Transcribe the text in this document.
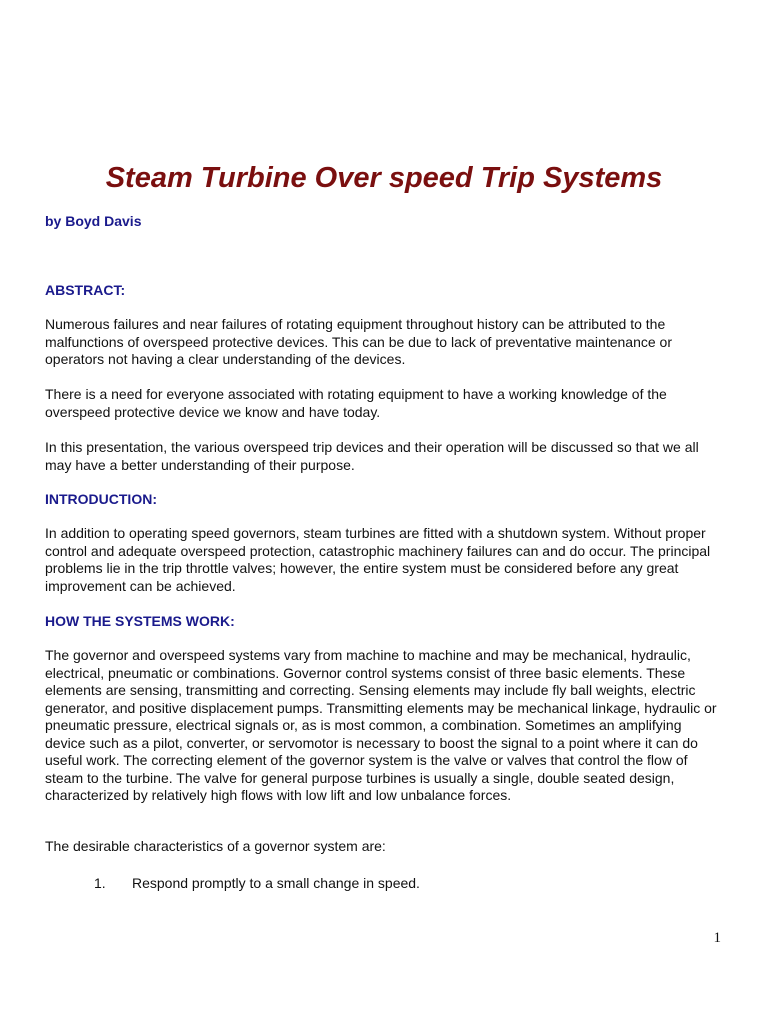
Steam Turbine Over speed Trip Systems
by Boyd Davis
ABSTRACT:

Numerous failures and near failures of rotating equipment throughout history can be attributed to the malfunctions of overspeed protective devices. This can be due to lack of preventative maintenance or operators not having a clear understanding of the devices.

There is a need for everyone associated with rotating equipment to have a working knowledge of the overspeed protective device we know and have today.

In this presentation, the various overspeed trip devices and their operation will be discussed so that we all may have a better understanding of their purpose.

INTRODUCTION:

In addition to operating speed governors, steam turbines are fitted with a shutdown system. Without proper control and adequate overspeed protection, catastrophic machinery failures can and do occur. The principal problems lie in the trip throttle valves; however, the entire system must be considered before any great improvement can be achieved.

HOW THE SYSTEMS WORK:

The governor and overspeed systems vary from machine to machine and may be mechanical, hydraulic, electrical, pneumatic or combinations. Governor control systems consist of three basic elements. These elements are sensing, transmitting and correcting. Sensing elements may include fly ball weights, electric generator, and positive displacement pumps. Transmitting elements may be mechanical linkage, hydraulic or pneumatic pressure, electrical signals or, as is most common, a combination. Sometimes an amplifying device such as a pilot, converter, or servomotor is necessary to boost the signal to a point where it can do useful work. The correcting element of the governor system is the valve or valves that control the flow of steam to the turbine. The valve for general purpose turbines is usually a single, double seated design, characterized by relatively high flows with low lift and low unbalance forces.

The desirable characteristics of a governor system are:

1. Respond promptly to a small change in speed.
1
